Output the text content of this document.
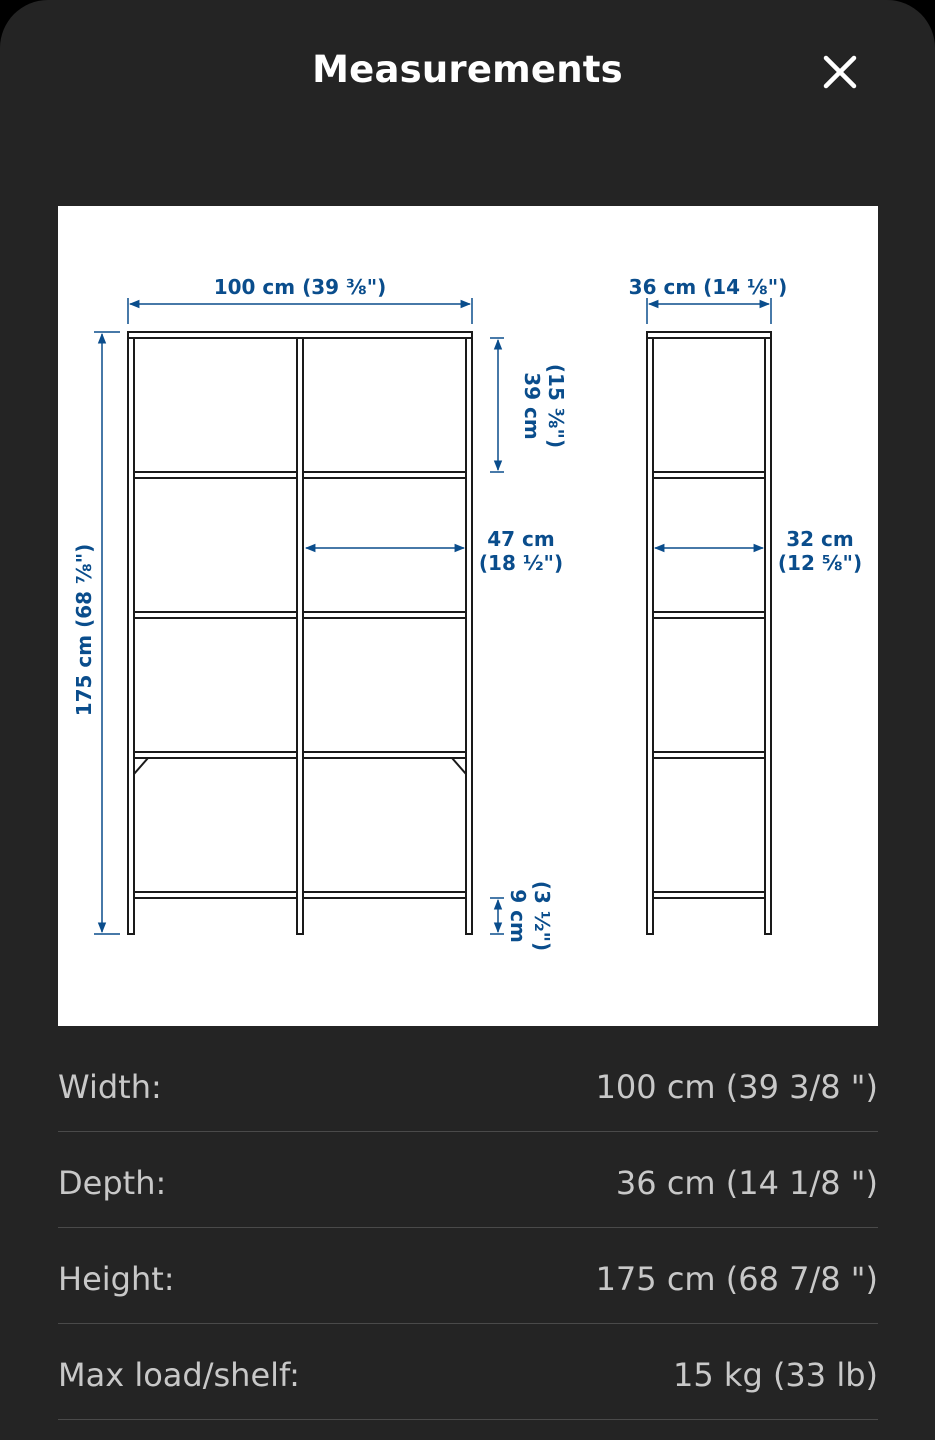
Measurements
100 cm (39 ⅜")	36 cm (14 ⅛")
175 cm (68 ⅞")
39 cm (15 ⅜")
47 cm
(18 ½")
32 cm
(12 ⅝")
9 cm (3 ½")
Width:	100 cm (39 3/8 ")
Depth:	36 cm (14 1/8 ")
Height:	175 cm (68 7/8 ")
Max load/shelf:	15 kg (33 lb)
